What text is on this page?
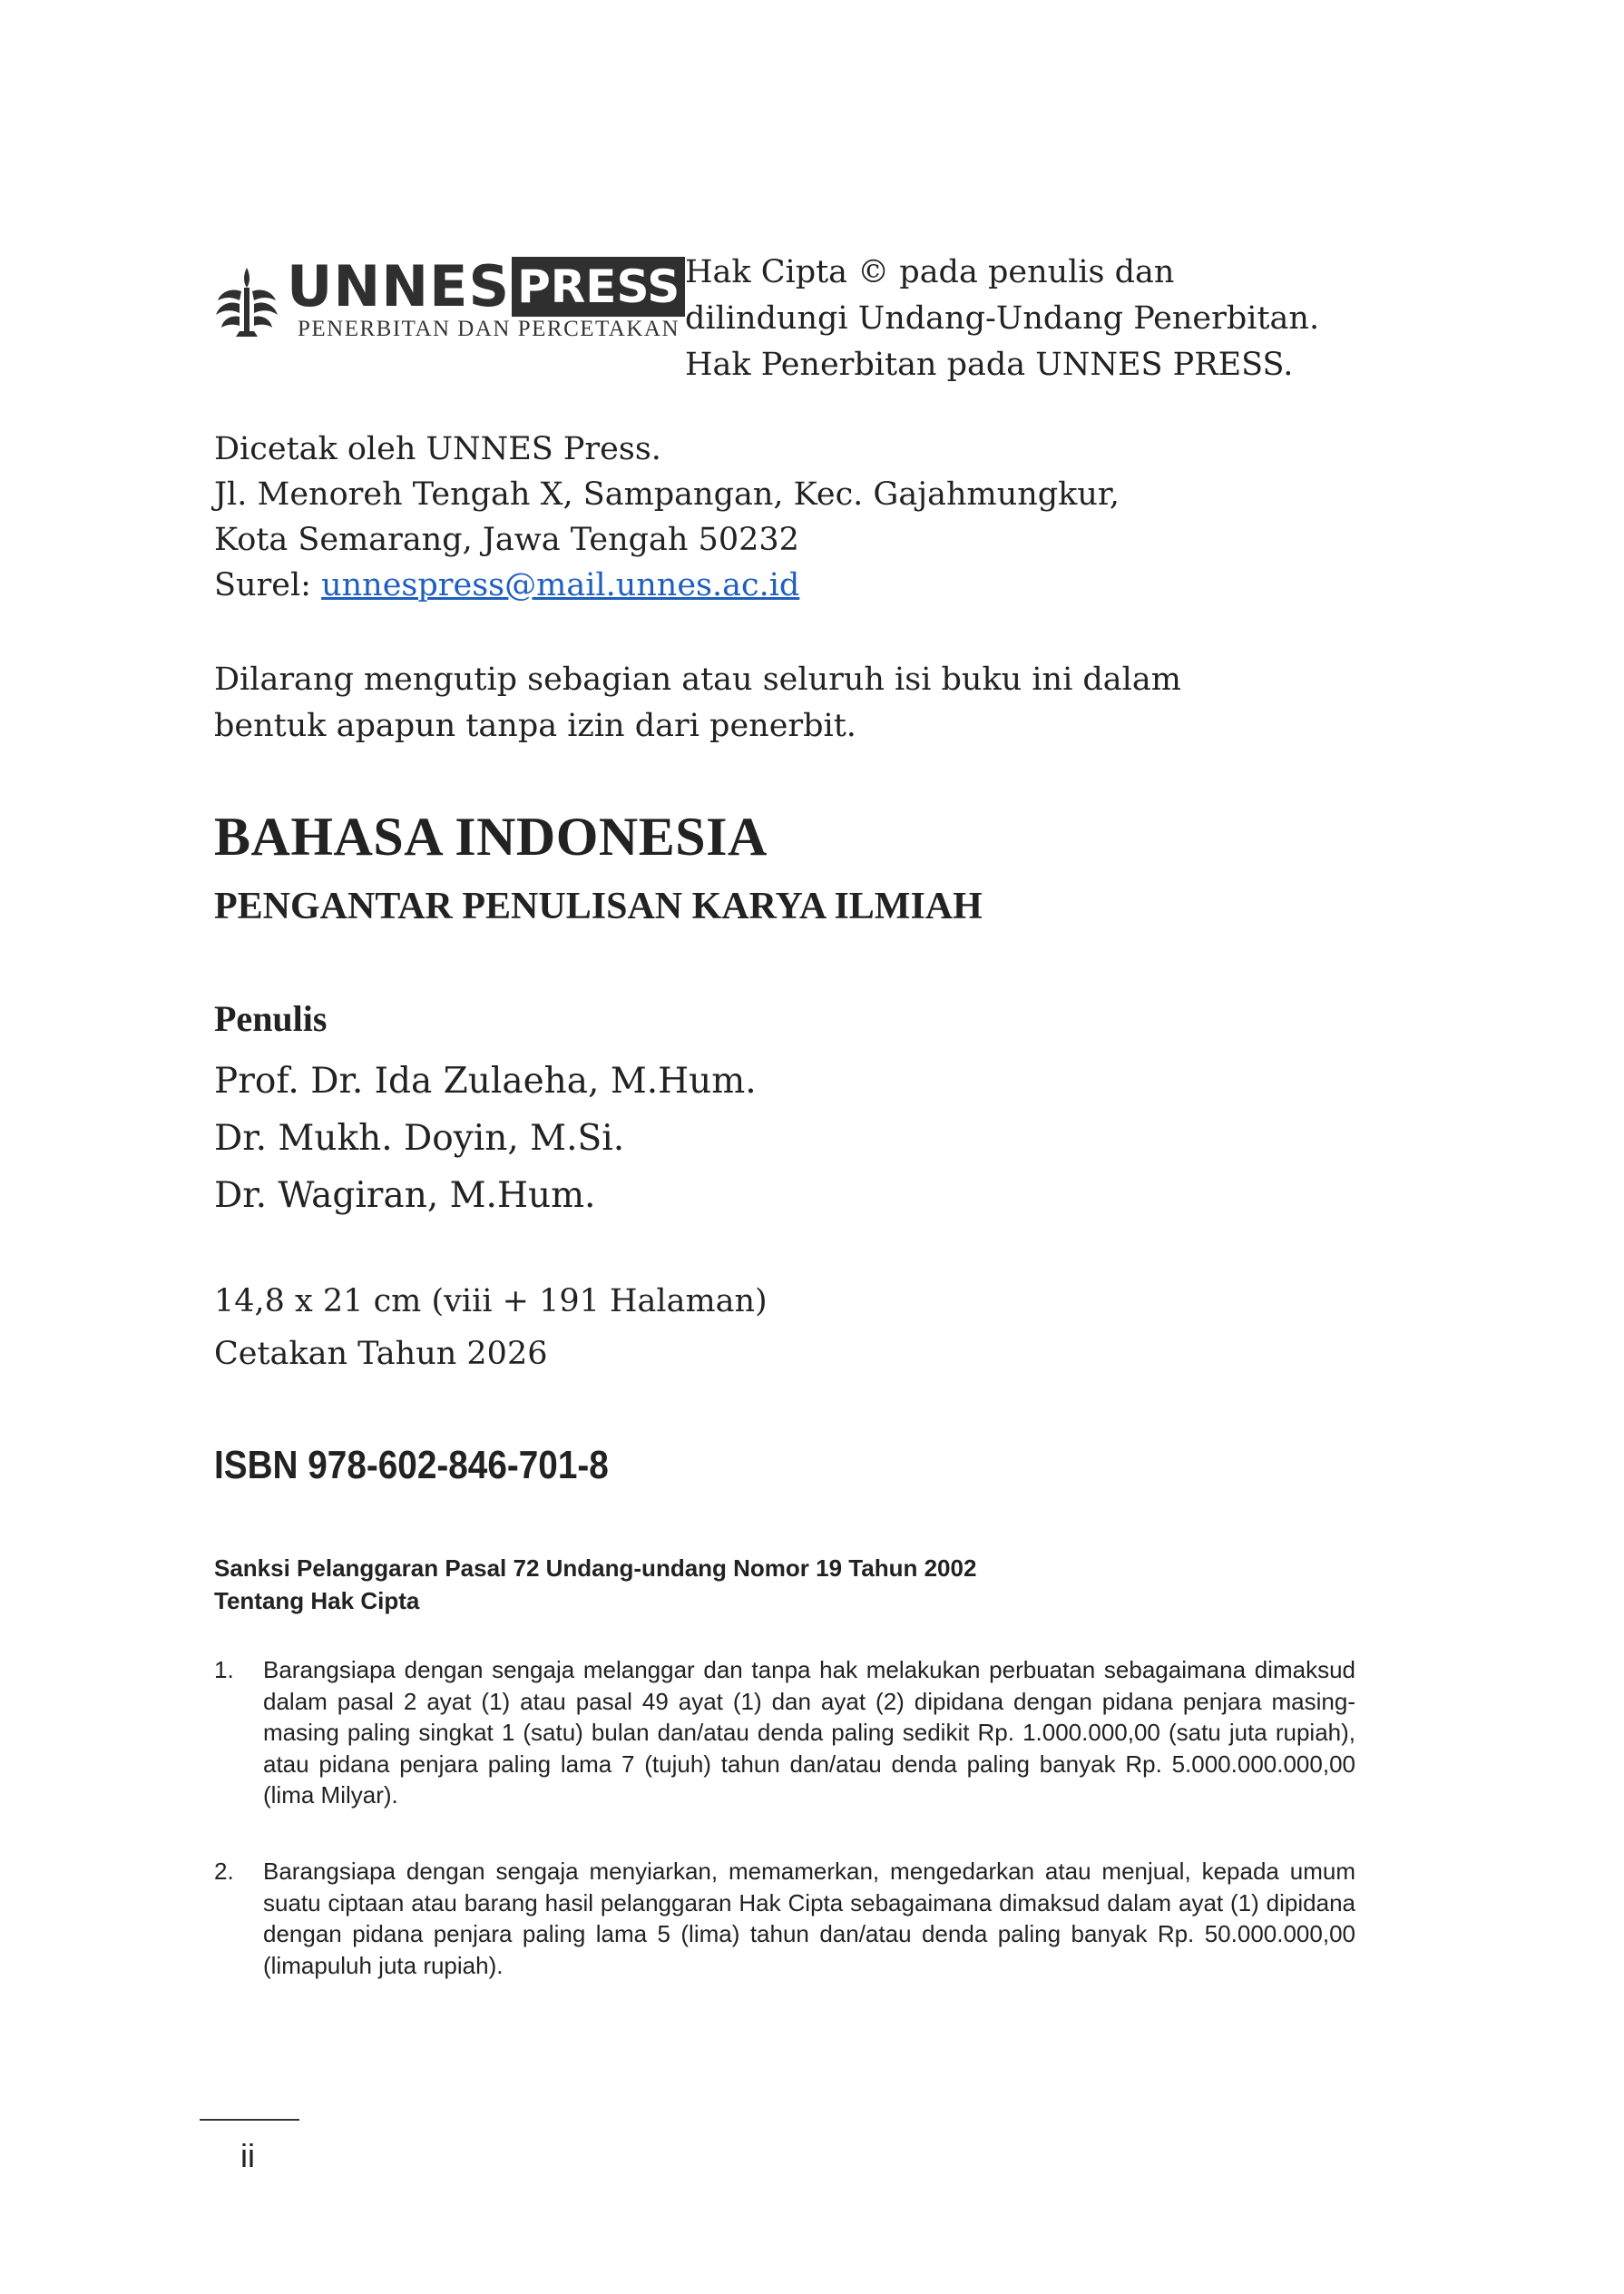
UNNES PRESS
PENERBITAN DAN PERCETAKAN
Hak Cipta © pada penulis dan
dilindungi Undang-Undang Penerbitan.
Hak Penerbitan pada UNNES PRESS.
Dicetak oleh UNNES Press.
Jl. Menoreh Tengah X, Sampangan, Kec. Gajahmungkur,
Kota Semarang, Jawa Tengah 50232
Surel: unnespress@mail.unnes.ac.id
Dilarang mengutip sebagian atau seluruh isi buku ini dalam
bentuk apapun tanpa izin dari penerbit.
BAHASA INDONESIA
PENGANTAR PENULISAN KARYA ILMIAH
Penulis
Prof. Dr. Ida Zulaeha, M.Hum.
Dr. Mukh. Doyin, M.Si.
Dr. Wagiran, M.Hum.
14,8 x 21 cm (viii + 191 Halaman)
Cetakan Tahun 2026
ISBN 978-602-846-701-8
Sanksi Pelanggaran Pasal 72 Undang-undang Nomor 19 Tahun 2002
Tentang Hak Cipta
1. Barangsiapa dengan sengaja melanggar dan tanpa hak melakukan perbuatan sebagaimana dimaksud dalam pasal 2 ayat (1) atau pasal 49 ayat (1) dan ayat (2) dipidana dengan pidana penjara masing-masing paling singkat 1 (satu) bulan dan/atau denda paling sedikit Rp. 1.000.000,00 (satu juta rupiah), atau pidana penjara paling lama 7 (tujuh) tahun dan/atau denda paling banyak Rp. 5.000.000.000,00 (lima Milyar).
2. Barangsiapa dengan sengaja menyiarkan, memamerkan, mengedarkan atau menjual, kepada umum suatu ciptaan atau barang hasil pelanggaran Hak Cipta sebagaimana dimaksud dalam ayat (1) dipidana dengan pidana penjara paling lama 5 (lima) tahun dan/atau denda paling banyak Rp. 50.000.000,00 (limapuluh juta rupiah).
ii
